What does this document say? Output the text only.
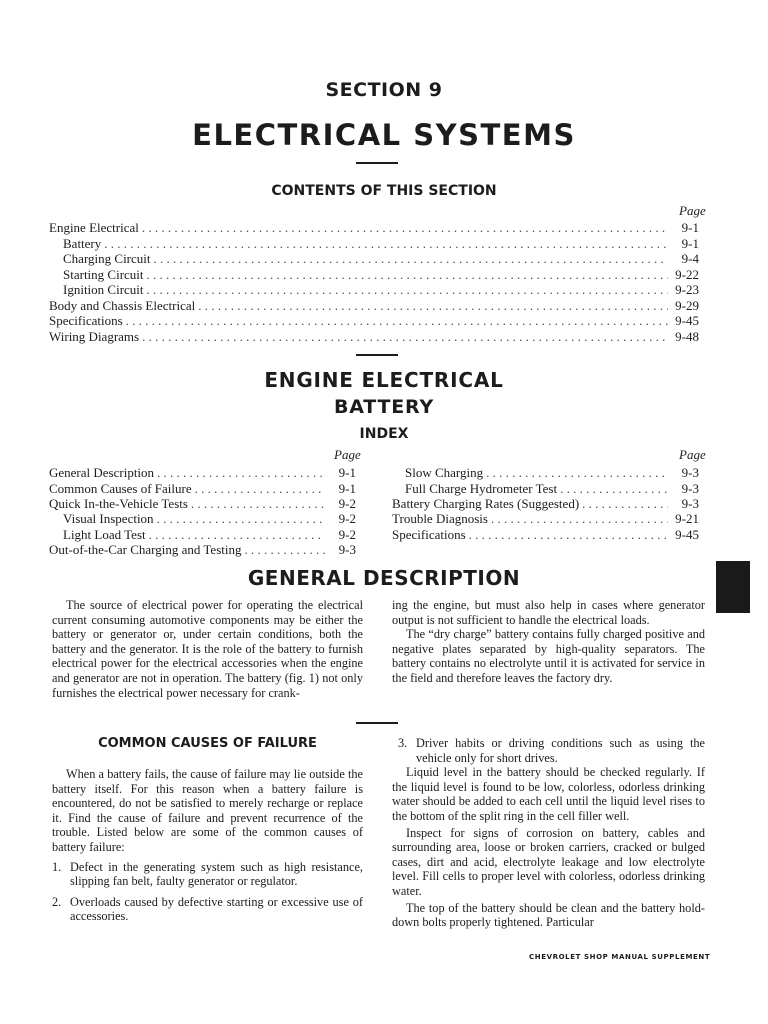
SECTION 9
ELECTRICAL SYSTEMS
CONTENTS OF THIS SECTION
Page
Engine Electrical . . .	9-1
Battery . . .	9-1
Charging Circuit . . .	9-4
Starting Circuit . . .	9-22
Ignition Circuit . . .	9-23
Body and Chassis Electrical . . .	9-29
Specifications . . .	9-45
Wiring Diagrams . . .	9-48
ENGINE ELECTRICAL
BATTERY
INDEX
Page	Page
General Description . . .	9-1
Common Causes of Failure . . .	9-1
Quick In-the-Vehicle Tests . . .	9-2
Visual Inspection . . .	9-2
Light Load Test . . .	9-2
Out-of-the-Car Charging and Testing . . .	9-3
Slow Charging . . .	9-3
Full Charge Hydrometer Test . . .	9-3
Battery Charging Rates (Suggested) . . .	9-3
Trouble Diagnosis . . .	9-21
Specifications . . .	9-45
GENERAL DESCRIPTION

The source of electrical power for operating the electrical current consuming automotive components may be either the battery or generator or, under certain conditions, both the battery and the generator. It is the role of the battery to furnish electrical power for the electrical accessories when the engine and generator are not in operation. The battery (fig. 1) not only furnishes the electrical power necessary for crank-

ing the engine, but must also help in cases where generator output is not sufficient to handle the electrical loads.

The “dry charge” battery contains fully charged positive and negative plates separated by high-quality separators. The battery contains no electrolyte until it is activated for service in the field and therefore leaves the factory dry.

COMMON CAUSES OF FAILURE

When a battery fails, the cause of failure may lie outside the battery itself. For this reason when a battery failure is encountered, do not be satisfied to merely recharge or replace it. Find the cause of failure and prevent recurrence of the trouble. Listed below are some of the common causes of battery failure:

1. Defect in the generating system such as high resistance, slipping fan belt, faulty generator or regulator.
2. Overloads caused by defective starting or excessive use of accessories.
3. Driver habits or driving conditions such as using the vehicle only for short drives.

Liquid level in the battery should be checked regularly. If the liquid level is found to be low, colorless, odorless drinking water should be added to each cell until the liquid level rises to the bottom of the split ring in the cell filler well.

Inspect for signs of corrosion on battery, cables and surrounding area, loose or broken carriers, cracked or bulged cases, dirt and acid, electrolyte leakage and low electrolyte level. Fill cells to proper level with colorless, odorless drinking water.

The top of the battery should be clean and the battery hold-down bolts properly tightened. Particular

CHEVROLET SHOP MANUAL SUPPLEMENT
